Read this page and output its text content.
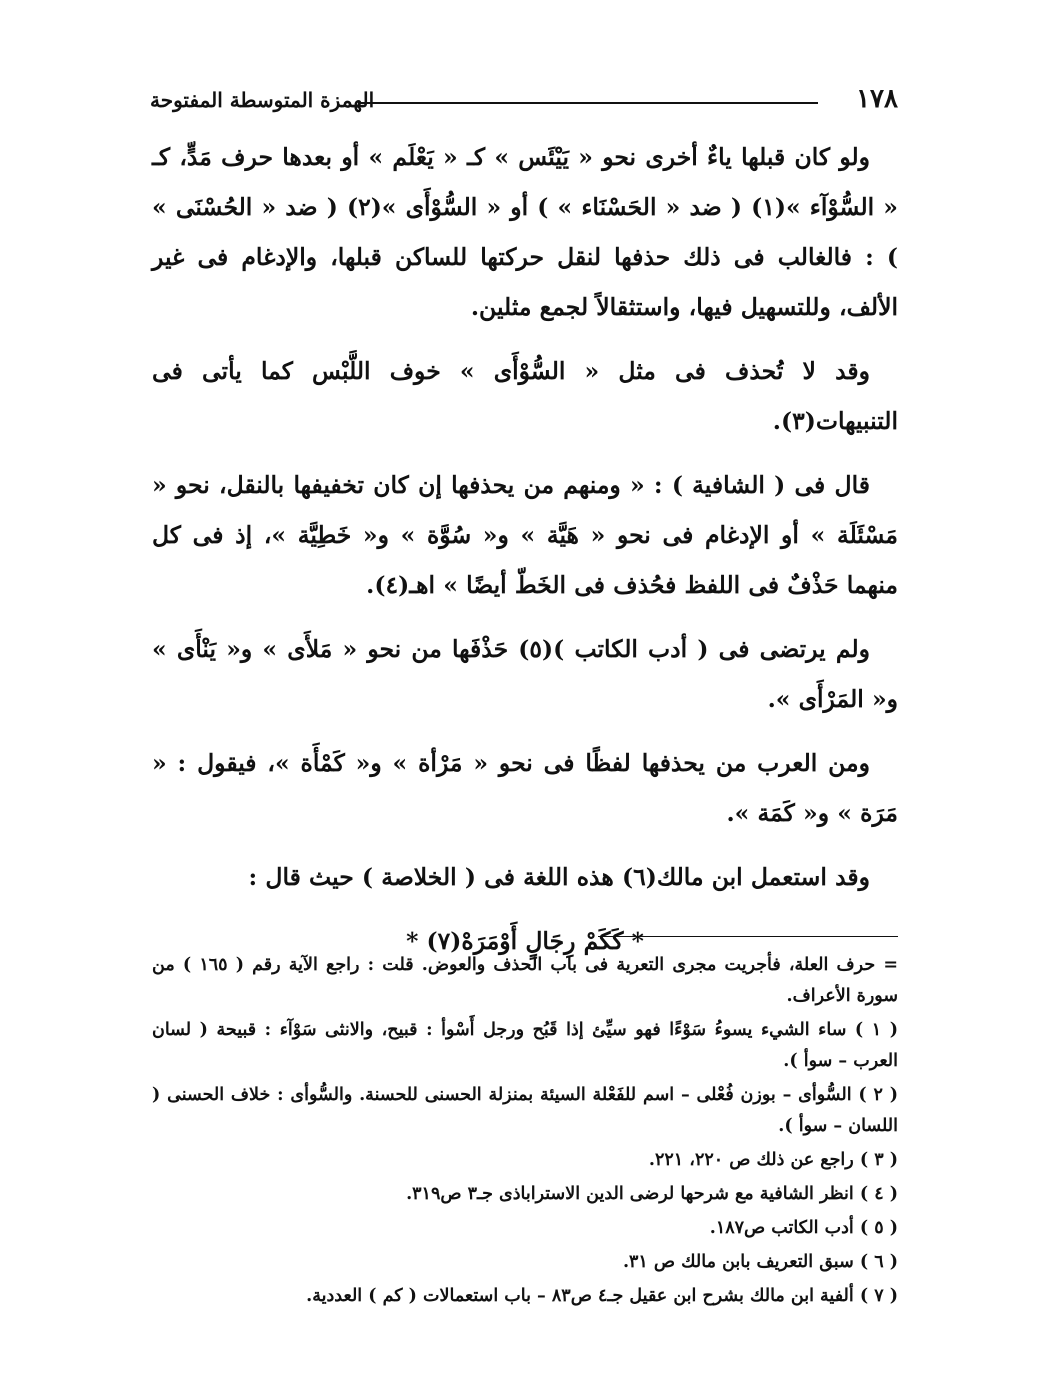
١٧٨
الهمزة المتوسطة المفتوحة

ولو كان قبلها ياءٌ أخرى نحو « يَيْئَس » كـ « يَعْلَم » أو بعدها حرف مَدٍّ، كـ « السُّوْآء »(١) ( ضد « الحَسْنَاء » ) أو « السُّوْأَى »(٢) ( ضد « الحُسْنَى » ) : فالغالب فى ذلك حذفها لنقل حركتها للساكن قبلها، والإدغام فى غير الألف، وللتسهيل فيها، واستثقالاً لجمع مثلين.

وقد لا تُحذف فى مثل « السُّوْأَى » خوف اللَّبْس كما يأتى فى التنبيهات(٣).

قال فى ( الشافية ) : « ومنهم من يحذفها إن كان تخفيفها بالنقل، نحو « مَسْئَلَة » أو الإدغام فى نحو « هَيَّة » و« سُوَّة » و« خَطِيَّة »، إذ فى كل منهما حَذْفٌ فى اللفظ فحُذف فى الخَطّ أيضًا » اهـ(٤).

ولم يرتضى فى ( أدب الكاتب )(٥) حَذْفَها من نحو « مَلأَى » و« يَنْأَى » و« المَرْأَى ».

ومن العرب من يحذفها لفظًا فى نحو « مَرْأة » و« كَمْأَة »، فيقول : « مَرَة » و« كَمَة ».

وقد استعمل ابن مالك(٦) هذه اللغة فى ( الخلاصة ) حيث قال :

* كَكَمْ رِجَالٍ أَوْمَرَهْ(٧) *

= حرف العلة، فأجريت مجرى التعرية فى باب الحذف والعوض. قلت : راجع الآية رقم ( ١٦٥ ) من سورة الأعراف.
( ١ ) ساء الشيء يسوءُ سَوْءًا فهو سيِّئ إذا قَبُح ورجل أَسْوأ : قبيح، والانثى سَوْآء : قبيحة ( لسان العرب – سوأ ).
( ٢ ) السُّوأى – بوزن فُعْلى – اسم للفَعْلة السيئة بمنزلة الحسنى للحسنة. والسُّوأى : خلاف الحسنى ( اللسان – سوأ ).
( ٣ ) راجع عن ذلك ص ٢٢٠، ٢٢١.
( ٤ ) انظر الشافية مع شرحها لرضى الدين الاستراباذى جـ٣ ص٣١٩.
( ٥ ) أدب الكاتب ص١٨٧.
( ٦ ) سبق التعريف بابن مالك ص ٣١.
( ٧ ) ألفية ابن مالك بشرح ابن عقيل جـ٤ ص٨٣ – باب استعمالات ( كم ) العددية.
